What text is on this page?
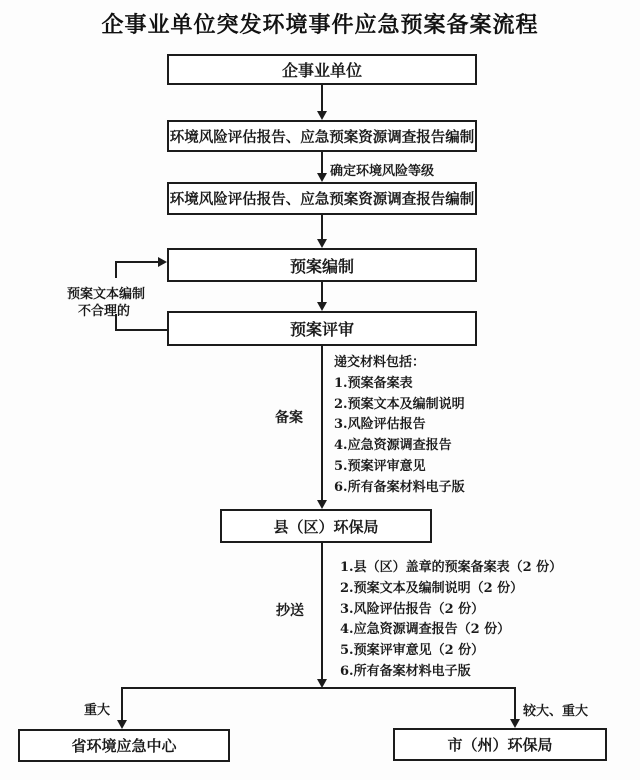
企事业单位突发环境事件应急预案备案流程
企事业单位
环境风险评估报告、应急预案资源调查报告编制
环境风险评估报告、应急预案资源调查报告编制
预案编制
预案评审
县（区）环保局
省环境应急中心	市（州）环保局
确定环境风险等级
预案文本编制
不合理的
备案
抄送
重大	较大、重大
递交材料包括：
1.预案备案表
2.预案文本及编制说明
3.风险评估报告
4.应急资源调查报告
5.预案评审意见
6.所有备案材料电子版
1.县（区）盖章的预案备案表（2 份）
2.预案文本及编制说明（2 份）
3.风险评估报告（2 份）
4.应急资源调查报告（2 份）
5.预案评审意见（2 份）
6.所有备案材料电子版
